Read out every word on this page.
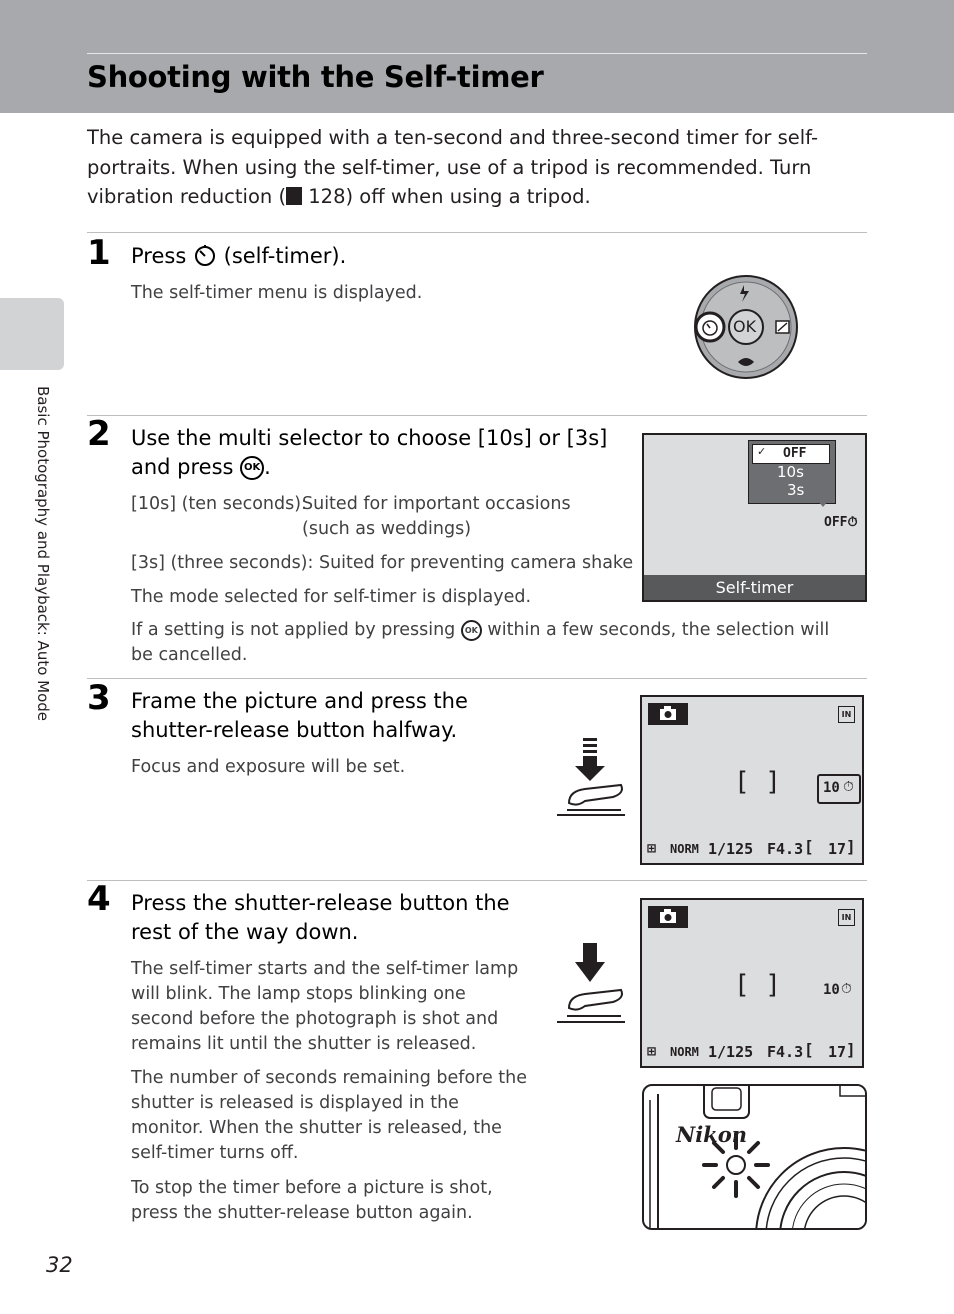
Shooting with the Self-timer
Basic Photography and Playback: Auto Mode
The camera is equipped with a ten-second and three-second timer for self-portraits. When using the self-timer, use of a tripod is recommended. Turn vibration reduction ( 128) off when using a tripod.
1 Press  (self-timer).
The self-timer menu is displayed.
OK
2 Use the multi selector to choose [10s] or [3s] and press OK .
[10s] (ten seconds):
Suited for important occasions
(such as weddings)
[3s] (three seconds): Suited for preventing camera shake
The mode selected for self-timer is displayed.
If a setting is not applied by pressing OK within a few seconds, the selection will be cancelled.
✓ OFF
10s
3s
OFF⏱
Self-timer
3 Frame the picture and press the shutter-release button halfway.
Focus and exposure will be set.
IN
[ ]	10 ⏱
⊞ NORM 1/125 F4.3 [ 17 ]
4 Press the shutter-release button the rest of the way down.
The self-timer starts and the self-timer lamp will blink. The lamp stops blinking one second before the photograph is shot and remains lit until the shutter is released.
The number of seconds remaining before the shutter is released is displayed in the monitor. When the shutter is released, the self-timer turns off.
To stop the timer before a picture is shot, press the shutter-release button again.
IN
[ ]	10 ⏱
⊞ NORM 1/125 F4.3 [ 17 ]
Nikon
32
